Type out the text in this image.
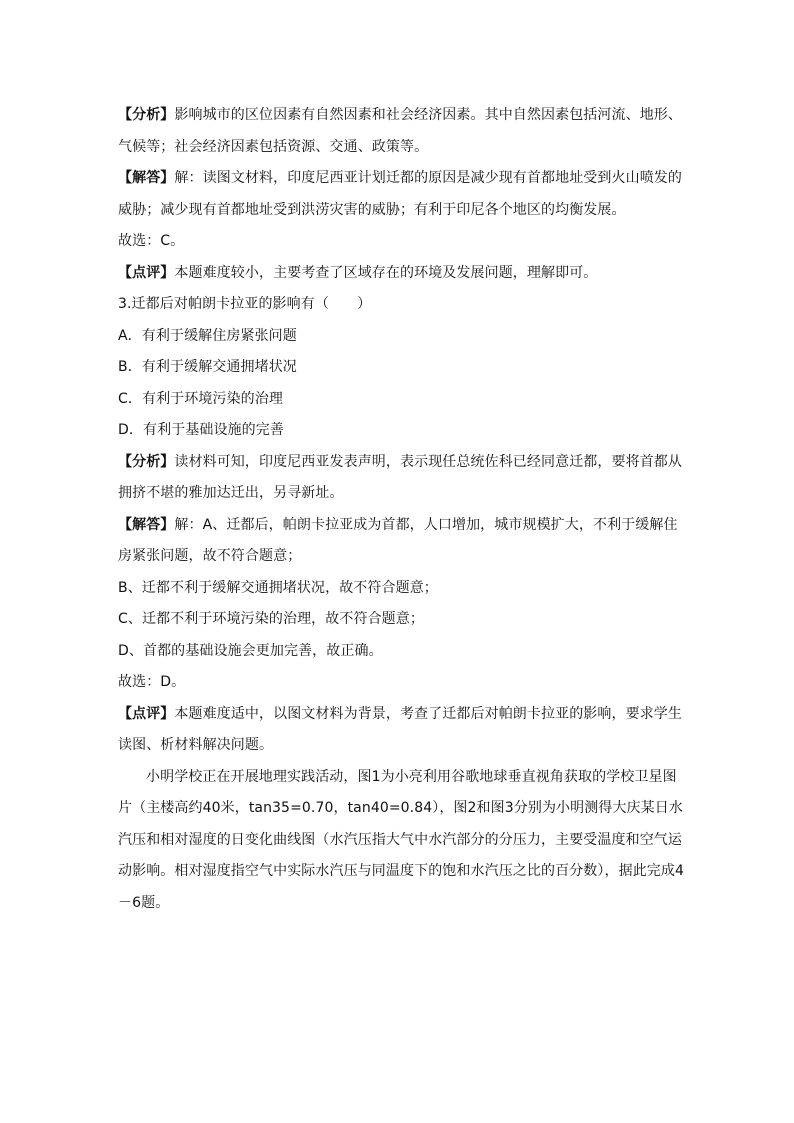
【分析】影响城市的区位因素有自然因素和社会经济因素。其中自然因素包括河流、地形、
气候等；社会经济因素包括资源、交通、政策等。
【解答】解：读图文材料，印度尼西亚计划迁都的原因是减少现有首都地址受到火山喷发的
威胁；减少现有首都地址受到洪涝灾害的威胁；有利于印尼各个地区的均衡发展。
故选：C。
【点评】本题难度较小，主要考查了区域存在的环境及发展问题，理解即可。
3.迁都后对帕朗卡拉亚的影响有（　　）
A．有利于缓解住房紧张问题
B．有利于缓解交通拥堵状况
C．有利于环境污染的治理
D．有利于基础设施的完善
【分析】读材料可知，印度尼西亚发表声明，表示现任总统佐科已经同意迁都，要将首都从
拥挤不堪的雅加达迁出，另寻新址。
【解答】解：A、迁都后，帕朗卡拉亚成为首都，人口增加，城市规模扩大，不利于缓解住
房紧张问题，故不符合题意；
B、迁都不利于缓解交通拥堵状况，故不符合题意；
C、迁都不利于环境污染的治理，故不符合题意；
D、首都的基础设施会更加完善，故正确。
故选：D。
【点评】本题难度适中，以图文材料为背景，考查了迁都后对帕朗卡拉亚的影响，要求学生
读图、析材料解决问题。
小明学校正在开展地理实践活动，图1为小亮利用谷歌地球垂直视角获取的学校卫星图
片（主楼高约40米，tan35=0.70，tan40=0.84），图2和图3分别为小明测得大庆某日水
汽压和相对湿度的日变化曲线图（水汽压指大气中水汽部分的分压力，主要受温度和空气运
动影响。相对湿度指空气中实际水汽压与同温度下的饱和水汽压之比的百分数），据此完成4
－6题。
